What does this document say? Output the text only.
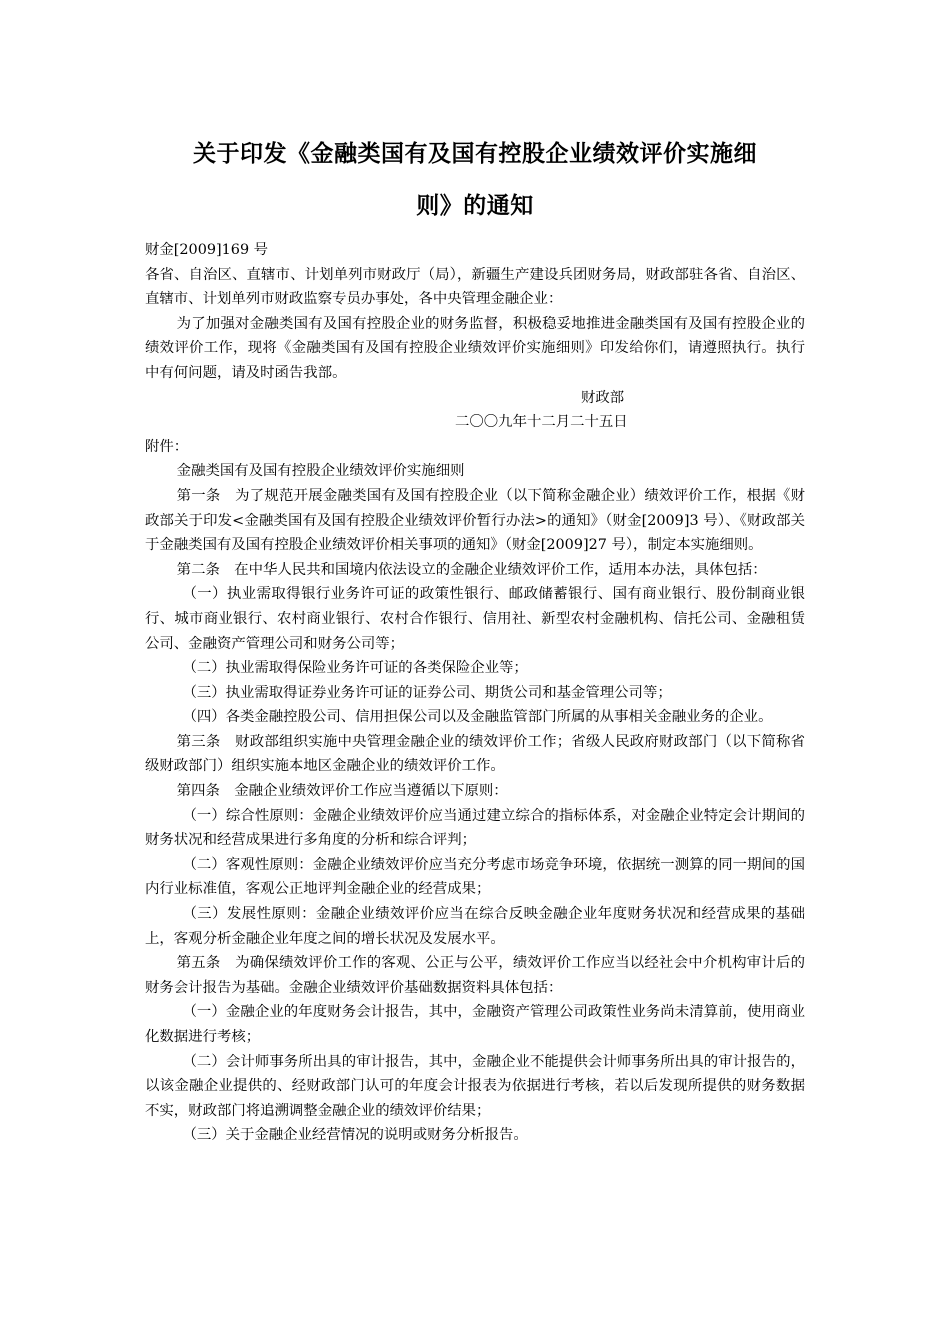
关于印发《金融类国有及国有控股企业绩效评价实施细
则》的通知

财金[2009]169 号

各省、自治区、直辖市、计划单列市财政厅（局），新疆生产建设兵团财务局，财政部驻各省、自治区、直辖市、计划单列市财政监察专员办事处，各中央管理金融企业：

为了加强对金融类国有及国有控股企业的财务监督，积极稳妥地推进金融类国有及国有控股企业的绩效评价工作，现将《金融类国有及国有控股企业绩效评价实施细则》印发给你们，请遵照执行。执行中有何问题，请及时函告我部。

财政部

二〇〇九年十二月二十五日

附件：

金融类国有及国有控股企业绩效评价实施细则

第一条　为了规范开展金融类国有及国有控股企业（以下简称金融企业）绩效评价工作，根据《财政部关于印发<金融类国有及国有控股企业绩效评价暂行办法>的通知》（财金[2009]3 号）、《财政部关于金融类国有及国有控股企业绩效评价相关事项的通知》（财金[2009]27 号），制定本实施细则。

第二条　在中华人民共和国境内依法设立的金融企业绩效评价工作，适用本办法，具体包括：

（一）执业需取得银行业务许可证的政策性银行、邮政储蓄银行、国有商业银行、股份制商业银行、城市商业银行、农村商业银行、农村合作银行、信用社、新型农村金融机构、信托公司、金融租赁公司、金融资产管理公司和财务公司等；

（二）执业需取得保险业务许可证的各类保险企业等；

（三）执业需取得证券业务许可证的证券公司、期货公司和基金管理公司等；

（四）各类金融控股公司、信用担保公司以及金融监管部门所属的从事相关金融业务的企业。

第三条　财政部组织实施中央管理金融企业的绩效评价工作；省级人民政府财政部门（以下简称省级财政部门）组织实施本地区金融企业的绩效评价工作。

第四条　金融企业绩效评价工作应当遵循以下原则：

（一）综合性原则：金融企业绩效评价应当通过建立综合的指标体系，对金融企业特定会计期间的财务状况和经营成果进行多角度的分析和综合评判；

（二）客观性原则：金融企业绩效评价应当充分考虑市场竞争环境，依据统一测算的同一期间的国内行业标准值，客观公正地评判金融企业的经营成果；

（三）发展性原则：金融企业绩效评价应当在综合反映金融企业年度财务状况和经营成果的基础上，客观分析金融企业年度之间的增长状况及发展水平。

第五条　为确保绩效评价工作的客观、公正与公平，绩效评价工作应当以经社会中介机构审计后的财务会计报告为基础。金融企业绩效评价基础数据资料具体包括：

（一）金融企业的年度财务会计报告，其中，金融资产管理公司政策性业务尚未清算前，使用商业化数据进行考核；

（二）会计师事务所出具的审计报告，其中，金融企业不能提供会计师事务所出具的审计报告的，以该金融企业提供的、经财政部门认可的年度会计报表为依据进行考核，若以后发现所提供的财务数据不实，财政部门将追溯调整金融企业的绩效评价结果；

（三）关于金融企业经营情况的说明或财务分析报告。
